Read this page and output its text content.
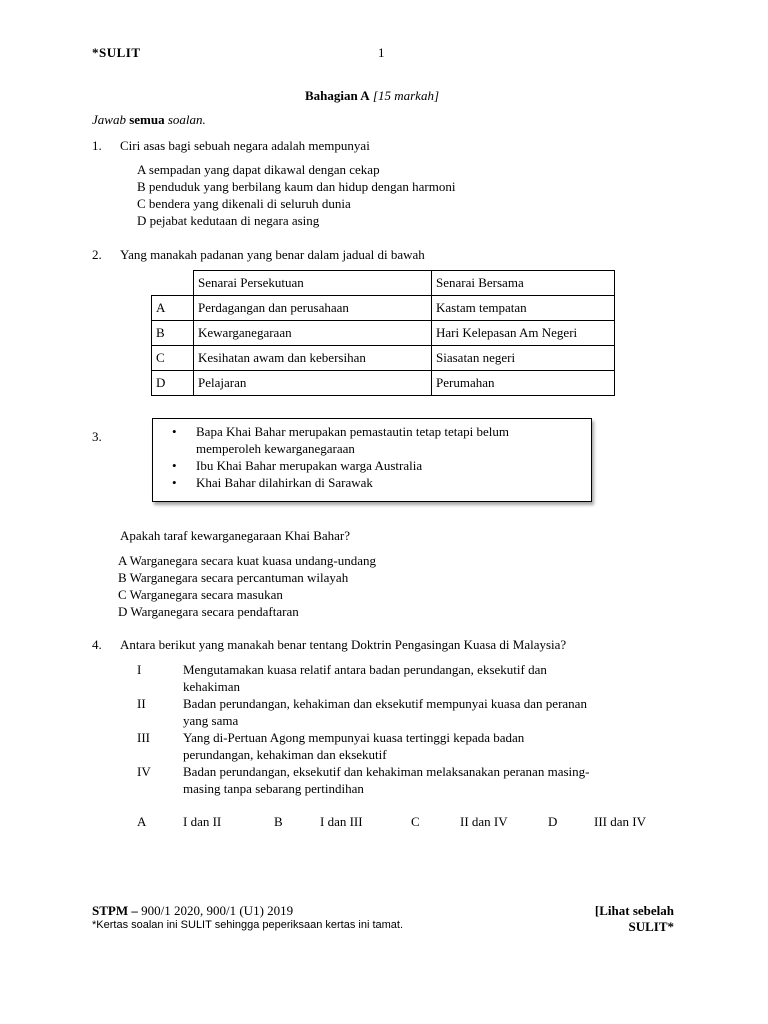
*SULIT	1
Bahagian A [15 markah]
Jawab semua soalan.
1. Ciri asas bagi sebuah negara adalah mempunyai
A sempadan yang dapat dikawal dengan cekap
B penduduk yang berbilang kaum dan hidup dengan harmoni
C bendera yang dikenali di seluruh dunia
D pejabat kedutaan di negara asing
2. Yang manakah padanan yang benar dalam jadual di bawah
	Senarai Persekutuan	Senarai Bersama
A	Perdagangan dan perusahaan	Kastam tempatan
B	Kewarganegaraan	Hari Kelepasan Am Negeri
C	Kesihatan awam dan kebersihan	Siasatan negeri
D	Pelajaran	Perumahan
3.	• Bapa Khai Bahar merupakan pemastautin tetap tetapi belum
memperoleh kewarganegaraan
• Ibu Khai Bahar merupakan warga Australia
• Khai Bahar dilahirkan di Sarawak
Apakah taraf kewarganegaraan Khai Bahar?
A Warganegara secara kuat kuasa undang-undang
B Warganegara secara percantuman wilayah
C Warganegara secara masukan
D Warganegara secara pendaftaran
4. Antara berikut yang manakah benar tentang Doktrin Pengasingan Kuasa di Malaysia?
I	Mengutamakan kuasa relatif antara badan perundangan, eksekutif dan
kehakiman
II	Badan perundangan, kehakiman dan eksekutif mempunyai kuasa dan peranan
yang sama
III	Yang di-Pertuan Agong mempunyai kuasa tertinggi kepada badan
perundangan, kehakiman dan eksekutif
IV Badan perundangan, eksekutif dan kehakiman melaksanakan peranan masing-
masing tanpa sebarang pertindihan
A	I dan II	B	I dan III	C	II dan IV	D	III dan IV
STPM – 900/1 2020, 900/1 (U1) 2019
*Kertas soalan ini SULIT sehingga peperiksaan kertas ini tamat.
[Lihat sebelah
SULIT*
